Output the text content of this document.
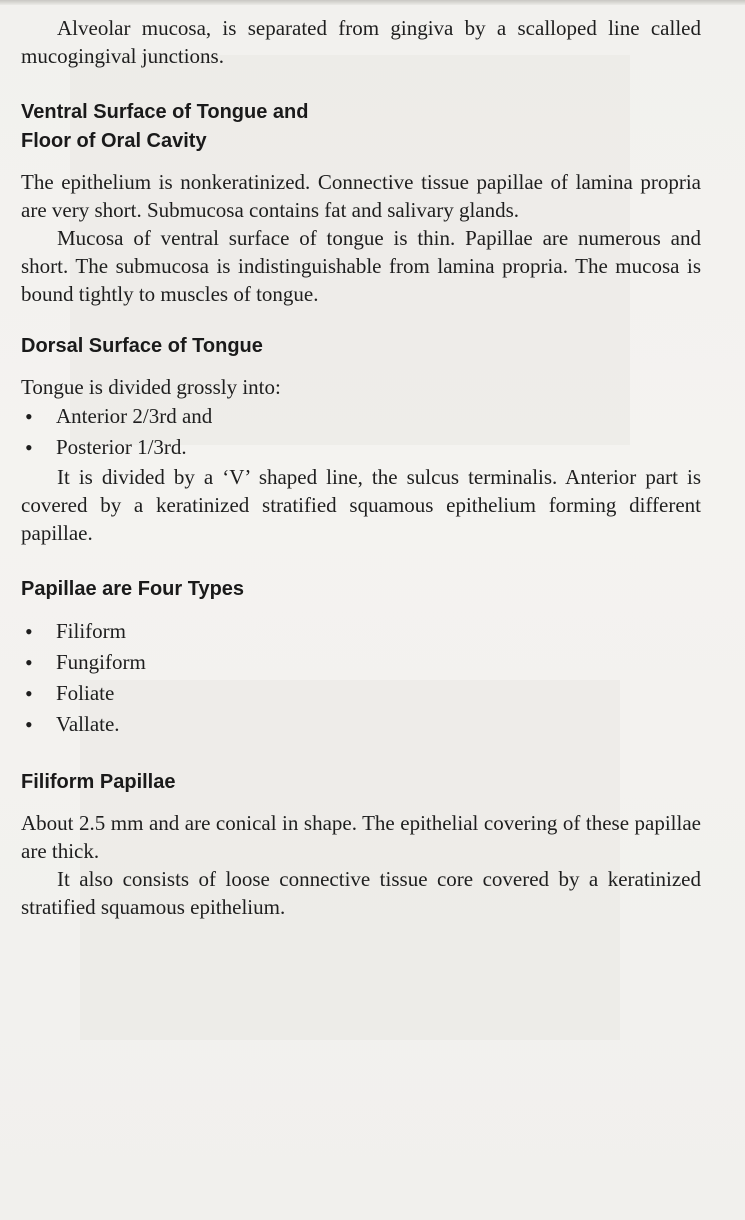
Alveolar mucosa, is separated from gingiva by a scalloped line called mucogingival junctions.

Ventral Surface of Tongue and
Floor of Oral Cavity

The epithelium is nonkeratinized. Connective tissue papillae of lamina propria are very short. Submucosa contains fat and salivary glands.

Mucosa of ventral surface of tongue is thin. Papillae are numerous and short. The submucosa is indistinguishable from lamina propria. The mucosa is bound tightly to muscles of tongue.

Dorsal Surface of Tongue

Tongue is divided grossly into:

• Anterior 2/3rd and
• Posterior 1/3rd.

It is divided by a ‘V’ shaped line, the sulcus terminalis. Anterior part is covered by a keratinized stratified squamous epithelium forming different papillae.

Papillae are Four Types
• Filiform
• Fungiform
• Foliate
• Vallate.
Filiform Papillae

About 2.5 mm and are conical in shape. The epithelial covering of these papillae are thick.

It also consists of loose connective tissue core covered by a keratinized stratified squamous epithelium.
